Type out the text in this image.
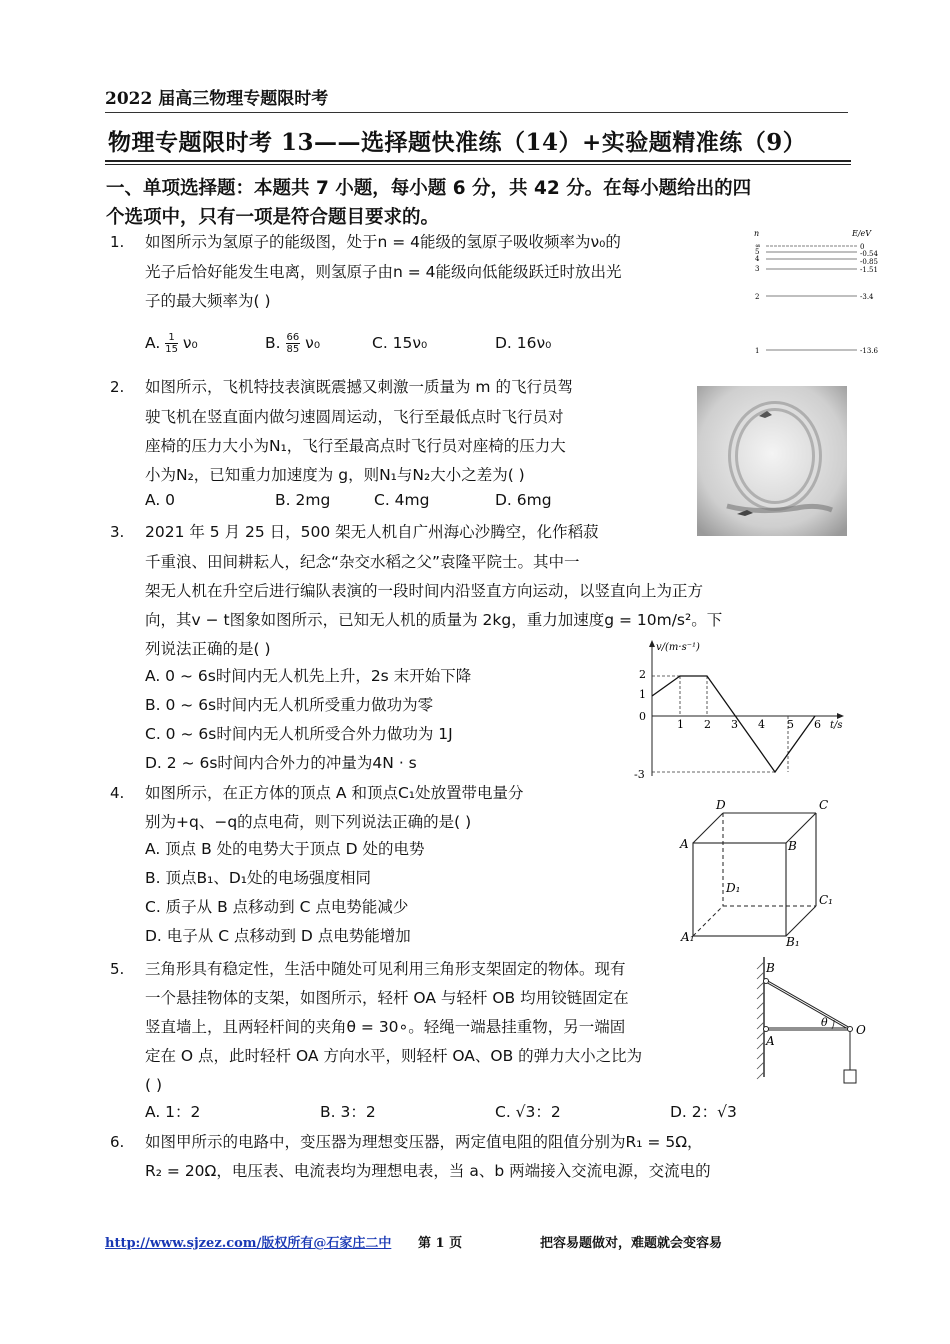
2022 届高三物理专题限时考
物理专题限时考 13——选择题快准练（14）+实验题精准练（9）
一、单项选择题：本题共 7 小题，每小题 6 分，共 42 分。在每小题给出的四
个选项中，只有一项是符合题目要求的。
1. 如图所示为氢原子的能级图，处于n = 4能级的氢原子吸收频率为ν₀的
光子后恰好能发生电离，则氢原子由n = 4能级向低能级跃迁时放出光
子的最大频率为( )
A. $\frac{1}{15} \nu_0$	B. $\frac{66}{85} \nu_0$	C. 15ν₀	D. 16ν₀
n	E/eV
∞
5
4
3
2
1
0
-0.54
-0.85
-1.51
-3.4
-13.6
2. 如图所示，飞机特技表演既震撼又刺激一质量为 m 的飞行员驾
驶飞机在竖直面内做匀速圆周运动，飞行至最低点时飞行员对
座椅的压力大小为N₁，飞行至最高点时飞行员对座椅的压力大
小为N₂，已知重力加速度为 g，则N₁与N₂大小之差为( )
A. 0	B. 2mg	C. 4mg	D. 6mg
3. 2021 年 5 月 25 日，500 架无人机自广州海心沙腾空，化作稻菽
千重浪、田间耕耘人，纪念“杂交水稻之父”袁隆平院士。其中一
架无人机在升空后进行编队表演的一段时间内沿竖直方向运动，以竖直向上为正方
向，其v − t图象如图所示，已知无人机的质量为 2kg，重力加速度g = 10m/s²。下
列说法正确的是( )
A. 0 ~ 6s时间内无人机先上升，2s 末开始下降
B. 0 ~ 6s时间内无人机所受重力做功为零
C. 0 ~ 6s时间内无人机所受合外力做功为 1J
D. 2 ~ 6s时间内合外力的冲量为4N · s
v/(m·s⁻¹)
t/s
2
1
0
-3
1 2 3 4 5 6
4. 如图所示，在正方体的顶点 A 和顶点C₁处放置带电量分
别为+q、−q的点电荷，则下列说法正确的是( )
A. 顶点 B 处的电势大于顶点 D 处的电势
B. 顶点B₁、D₁处的电场强度相同
C. 质子从 B 点移动到 C 点电势能减少
D. 电子从 C 点移动到 D 点电势能增加
D	C
A	B
D₁
C₁
A₁	B₁
5. 三角形具有稳定性，生活中随处可见利用三角形支架固定的物体。现有
一个悬挂物体的支架，如图所示，轻杆 OA 与轻杆 OB 均用铰链固定在
竖直墙上，且两轻杆间的夹角θ = 30∘。轻绳一端悬挂重物，另一端固
定在 O 点，此时轻杆 OA 方向水平，则轻杆 OA、OB 的弹力大小之比为
( )
A. 1：2	B. 3：2	C. √3：2	D. 2：√3
B
A
O
θ
6. 如图甲所示的电路中，变压器为理想变压器，两定值电阻的阻值分别为R₁ = 5Ω，
R₂ = 20Ω，电压表、电流表均为理想电表，当 a、b 两端接入交流电源，交流电的
http://www.sjzez.com/版权所有@石家庄二中 第 1 页	把容易题做对，难题就会变容易
